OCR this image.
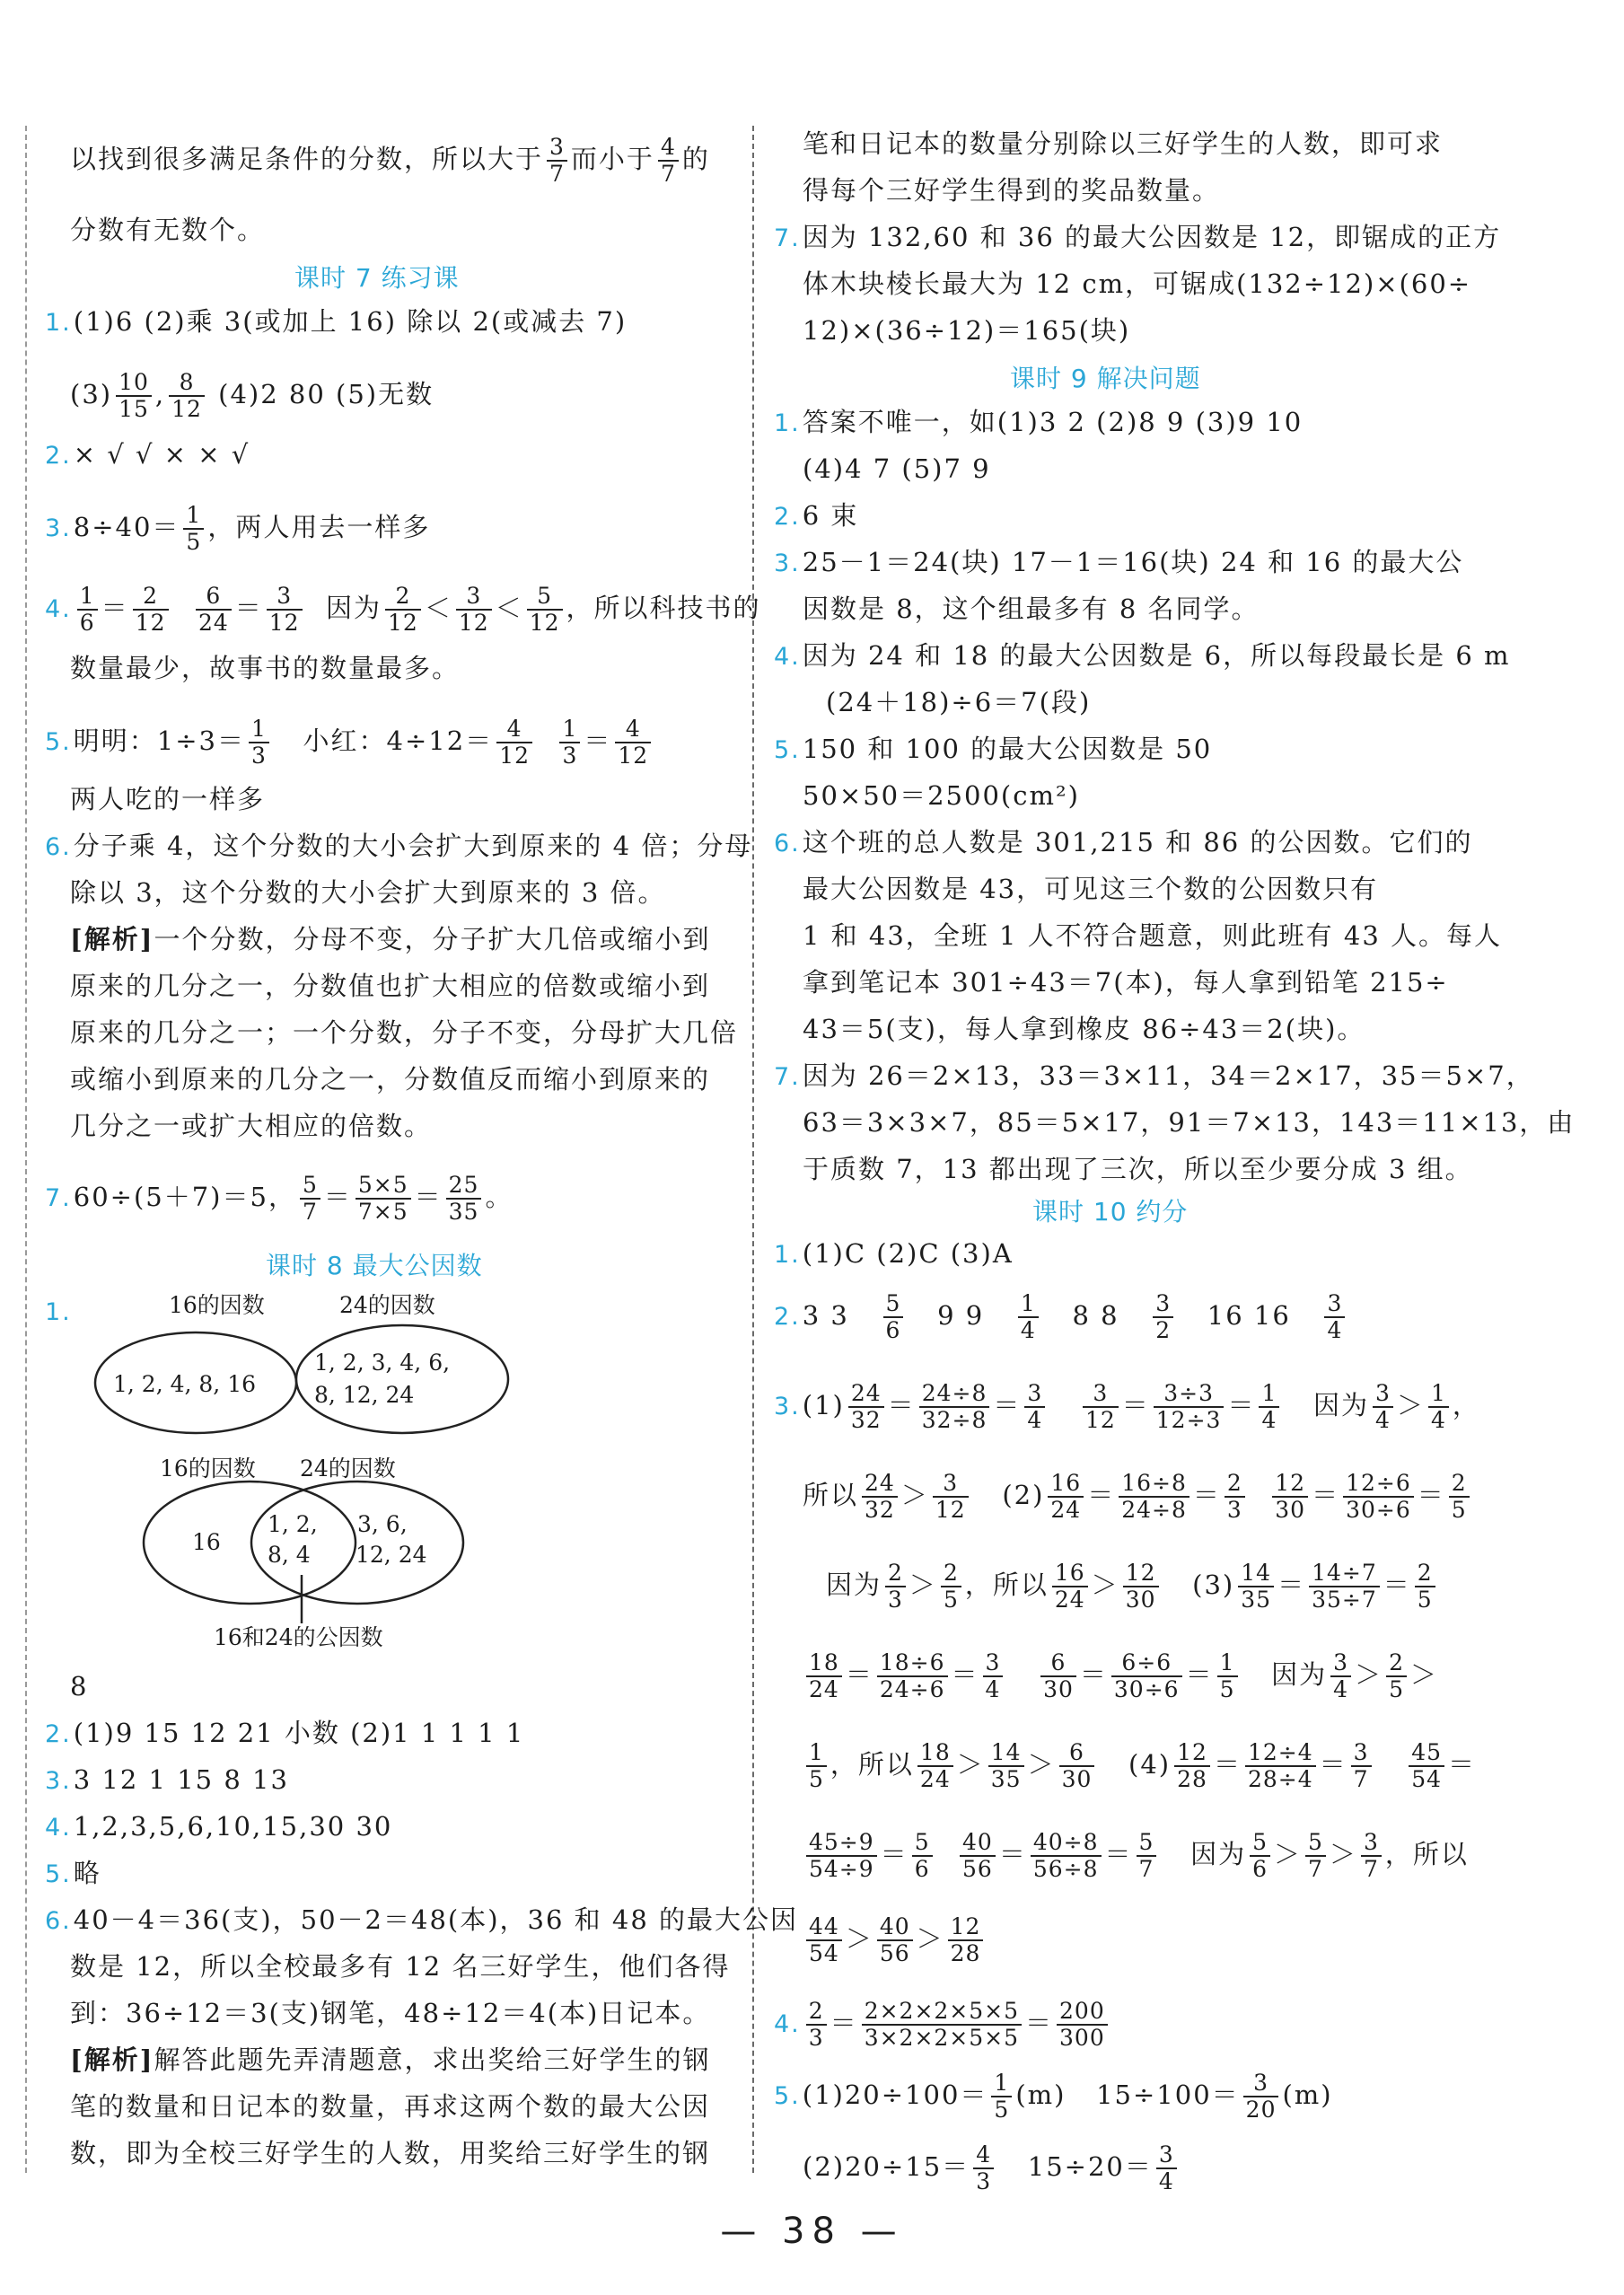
以找到很多满足条件的分数，所以大于 $\frac{3}{7}$ 而小于 $\frac{4}{7}$ 的
分数有无数个。
课时 7 练习课
1.(1)6 (2)乘 3(或加上 16) 除以 2(或减去 7)
$(3) \frac{10}{15}$ , $\frac{8}{12} (4)2$ 80 (5)无数
2.× √ √ × × √
$3.8\div 40= \frac{1}{5}$ ，两人用去一样多
4. $\frac{1}{6} = \frac{2}{12}$
$\frac{6}{24} = \frac{3}{12}$ 因为 $\frac{2}{12} < \frac{3}{12} < \frac{5}{12}$ ，所以科技书的
数量最少，故事书的数量最多。
5.明明：$1\div 3= \frac{1}{3}$ 小红：$4\div 12= \frac{4}{12}$
$\frac{1}{3} = \frac{4}{12}$
两人吃的一样多
6.分子乘 4，这个分数的大小会扩大到原来的 4 倍；分母
除以 3，这个分数的大小会扩大到原来的 3 倍。
[解析]一个分数，分母不变，分子扩大几倍或缩小到
原来的几分之一，分数值也扩大相应的倍数或缩小到
原来的几分之一；一个分数，分子不变，分母扩大几倍
或缩小到原来的几分之一，分数值反而缩小到原来的
几分之一或扩大相应的倍数。
7.60÷(5＋7)＝5， $\frac{5}{7} = \frac{5\times 5}{7\times 5} = \frac{25}{35}$ 。
课时 8 最大公因数
1.	16的因数	24的因数
1, 2, 4, 8, 16
1, 2, 3, 4, 6,
8, 12, 24
16的因数 24的因数
16
1, 2,
8, 4
3, 6,
12, 24
16和24的公因数
8
2.(1)9 15 12 21 小数 (2)1 1 1 1 1
3.3 12 1 15 8 13
4.1,2,3,5,6,10,15,30 30
5.略
6.40－4＝36(支)，50－2＝48(本)，36 和 48 的最大公因
数是 12，所以全校最多有 12 名三好学生，他们各得
到：36÷12＝3(支)钢笔，48÷12＝4(本)日记本。
[解析]解答此题先弄清题意，求出奖给三好学生的钢
笔的数量和日记本的数量，再求这两个数的最大公因
数，即为全校三好学生的人数，用奖给三好学生的钢
笔和日记本的数量分别除以三好学生的人数，即可求
得每个三好学生得到的奖品数量。
7.因为 132,60 和 36 的最大公因数是 12，即锯成的正方
体木块棱长最大为 12 cm，可锯成(132÷12)×(60÷
12)×(36÷12)＝165(块)
课时 9 解决问题
1.答案不唯一，如(1)3 2 (2)8 9 (3)9 10
(4)4 7 (5)7 9
2.6 束
3.25－1＝24(块) 17－1＝16(块) 24 和 16 的最大公
因数是 8，这个组最多有 8 名同学。
4.因为 24 和 18 的最大公因数是 6，所以每段最长是 6 m
(24＋18)÷6＝7(段)
5.150 和 100 的最大公因数是 50
50×50＝2500(cm²)
6.这个班的总人数是 301,215 和 86 的公因数。它们的
最大公因数是 43，可见这三个数的公因数只有
1 和 43，全班 1 人不符合题意，则此班有 43 人。每人
拿到笔记本 301÷43＝7(本)，每人拿到铅笔 215÷
43＝5(支)，每人拿到橡皮 86÷43＝2(块)。
7.因为 26＝2×13，33＝3×11，34＝2×17，35＝5×7，
63＝3×3×7，85＝5×17，91＝7×13，143＝11×13，由
于质数 7，13 都出现了三次，所以至少要分成 3 组。
课时 10 约分
1.(1)C (2)C (3)A
2.3 $3 \frac{5}{6} 9$ $9 \frac{1}{4} 8$ $8 \frac{3}{2} 16$ $16 \frac{3}{4}$
$3.(1) \frac{24}{32} = \frac{24\div 8}{32\div 8} = \frac{3}{4}$
$\frac{3}{12} = \frac{3\div 3}{12\div 3} = \frac{1}{4}$ 因为 $\frac{3}{4} > \frac{1}{4}$ ，
所以 $\frac{24}{32} > \frac{3}{12} (2) \frac{16}{24} = \frac{16\div 8}{24\div 8} = \frac{2}{3}$
$\frac{12}{30} = \frac{12\div 6}{30\div 6} = \frac{2}{5}$
因为 $\frac{2}{3} > \frac{2}{5}$ ，所以 $\frac{16}{24} > \frac{12}{30} (3) \frac{14}{35} = \frac{14\div 7}{35\div 7} = \frac{2}{5}$
$\frac{18}{24} = \frac{18\div 6}{24\div 6} = \frac{3}{4}$
$\frac{6}{30} = \frac{6\div 6}{30\div 6} = \frac{1}{5}$ 因为 $\frac{3}{4} > \frac{2}{5}$ ＞
$\frac{1}{5}$ ，所以 $\frac{18}{24} > \frac{14}{35} > \frac{6}{30} (4) \frac{12}{28} = \frac{12\div 4}{28\div 4} = \frac{3}{7}$
$\frac{45}{54}$ ＝
$\frac{45\div 9}{54\div 9} = \frac{5}{6}$
$\frac{40}{56} = \frac{40\div 8}{56\div 8} = \frac{5}{7}$ 因为 $\frac{5}{6} > \frac{5}{7} > \frac{3}{7}$ ，所以
$\frac{44}{54} > \frac{40}{56} > \frac{12}{28}$
4. $\frac{2}{3} = \frac{2\times 2\times 2\times 5\times 5}{3\times 2\times 2\times 5\times 5} = \frac{200}{300}$
$5.(1)20\div 100= \frac{1}{5} (m)$ $15\div 100= \frac{3}{20} (m)$
$(2)20\div 15= \frac{4}{3} 15\div 20= \frac{3}{4}$
— 38 —
